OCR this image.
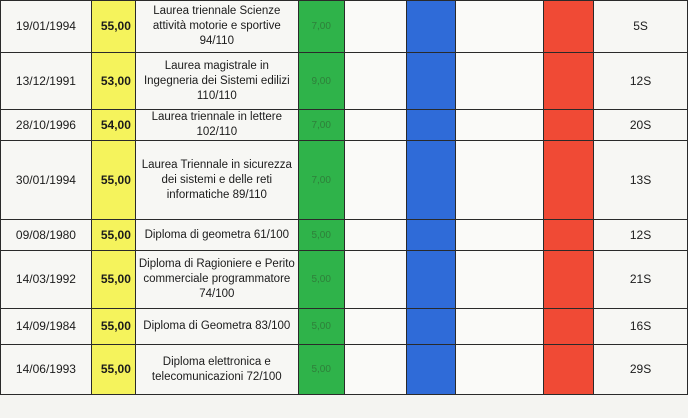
19/01/1994	55,00	Laurea triennale Scienze attività motorie e sportive 94/110	7,00					5S
13/12/1991	53,00	Laurea magistrale in Ingegneria dei Sistemi edilizi 110/110	9,00					12S
28/10/1996	54,00	Laurea triennale in lettere 102/110	7,00					20S
30/01/1994	55,00	Laurea Triennale in sicurezza dei sistemi e delle reti informatiche 89/110	7,00					13S
09/08/1980	55,00	Diploma di geometra 61/100	5,00					12S
14/03/1992	55,00	Diploma di Ragioniere e Perito commerciale programmatore 74/100	5,00					21S
14/09/1984	55,00	Diploma di Geometra 83/100	5,00					16S
14/06/1993	55,00	Diploma elettronica e telecomunicazioni 72/100	5,00					29S
